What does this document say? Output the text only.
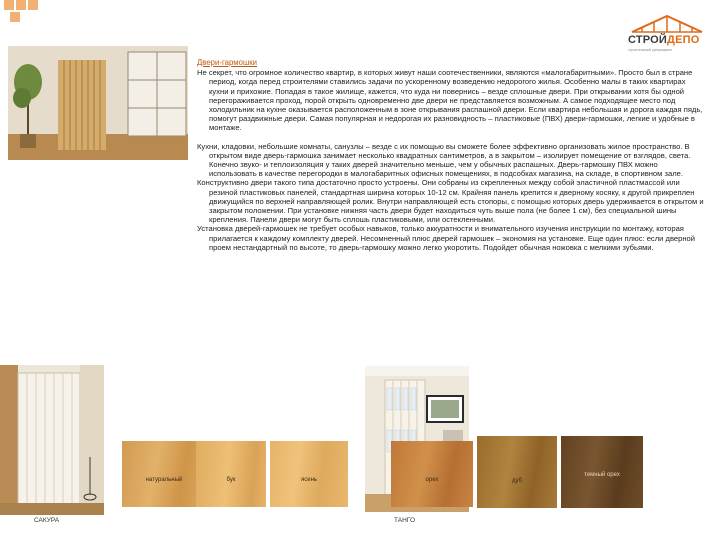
СТРОЙДЕПО
строительный супермаркет

Двери-гармошки

Не секрет, что огромное количество квартир, в которых живут наши соотечественники, являются «малогабаритными». Просто был в стране период, когда перед строителями ставились задачи по ускоренному возведению недорогого жилья. Особенно малы в таких квартирах кухни и прихожие. Попадая в такое жилище, кажется, что куда ни повернись – везде сплошные двери. При открывании хотя бы одной перегораживается проход, порой открыть одновременно две двери не представляется возможным. А самое подходящее место под холодильник на кухне оказывается расположенным в зоне открывания распашной двери. Если квартира небольшая и дорога каждая пядь, помогут раздвижные двери. Самая популярная и недорогая их разновидность – пластиковые (ПВХ) двери-гармошки, легкие и удобные в монтаже.

Кухни, кладовки, небольшие комнаты, санузлы – везде с их помощью вы сможете более эффективно организовать жилое пространство. В открытом виде дверь-гармошка занимает несколько квадратных сантиметров, а в закрытом – изолирует помещение от взглядов, света. Конечно звуко- и теплоизоляция у таких дверей значительно меньше, чем у обычных распашных. Дверь-гармошку ПВХ можно использовать в качестве перегородки в малогабаритных офисных помещениях, в подсобках магазина, на складе, в спортивном зале.

Конструктивно двери такого типа достаточно просто устроены. Они собраны из скрепленных между собой эластичной пластмассой или резиной пластиковых панелей, стандартная ширина которых 10-12 см. Крайняя панель крепится к дверному косяку, к другой прикреплен движущийся по верхней направляющей ролик. Внутри направляющей есть стопоры, с помощью которых дверь удерживается в открытом и закрытом положении. При установке нижняя часть двери будет находиться чуть выше пола (не более 1 см), без специальной шины крепления. Панели двери могут быть сплошь пластиковыми, или остекленными.

Установка дверей-гармошек не требует особых навыков, только аккуратности и внимательного изучения инструкции по монтажу, которая прилагается к каждому комплекту дверей. Несомненный плюс дверей гармошек – экономия на установке. Еще один плюс: если дверной проем нестандартный по высоте, то дверь-гармошку можно легко укоротить. Подойдет обычная ножовка с мелкими зубьями.

САКУРА	ТАНГО
натуральный	бук	ясень	орех	дуб
темный орех
